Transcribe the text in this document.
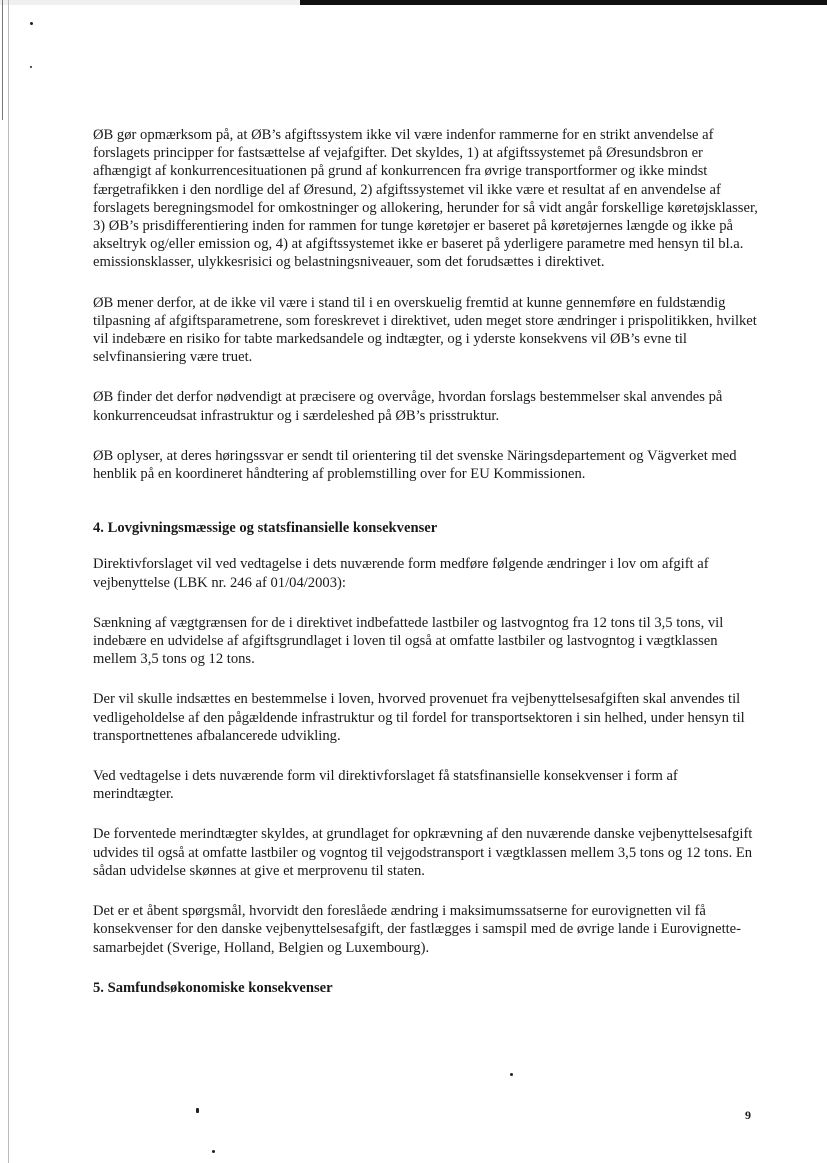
ØB gør opmærksom på, at ØB’s afgiftssystem ikke vil være indenfor rammerne for en strikt anvendelse af forslagets principper for fastsættelse af vejafgifter. Det skyldes, 1) at afgiftssystemet på Øresundsbron er afhængigt af konkurrencesituationen på grund af konkurrencen fra øvrige transportformer og ikke mindst færgetrafikken i den nordlige del af Øresund, 2) afgiftssystemet vil ikke være et resultat af en anvendelse af forslagets beregningsmodel for omkostninger og allokering, herunder for så vidt angår forskellige køretøjsklasser, 3) ØB’s prisdifferentiering inden for rammen for tunge køretøjer er baseret på køretøjernes længde og ikke på akseltryk og/eller emission og, 4) at afgiftssystemet ikke er baseret på yderligere parametre med hensyn til bl.a. emissionsklasser, ulykkesrisici og belastningsniveauer, som det forudsættes i direktivet.

ØB mener derfor, at de ikke vil være i stand til i en overskuelig fremtid at kunne gennemføre en fuldstændig tilpasning af afgiftsparametrene, som foreskrevet i direktivet, uden meget store ændringer i prispolitikken, hvilket vil indebære en risiko for tabte markedsandele og indtægter, og i yderste konsekvens vil ØB’s evne til selvfinansiering være truet.

ØB finder det derfor nødvendigt at præcisere og overvåge, hvordan forslags bestemmelser skal anvendes på konkurrenceudsat infrastruktur og i særdeleshed på ØB’s prisstruktur.

ØB oplyser, at deres høringssvar er sendt til orientering til det svenske Näringsdepartement og Vägverket med henblik på en koordineret håndtering af problemstilling over for EU Kommissionen.

4. Lovgivningsmæssige og statsfinansielle konsekvenser

Direktivforslaget vil ved vedtagelse i dets nuværende form medføre følgende ændringer i lov om afgift af vejbenyttelse (LBK nr. 246 af 01/04/2003):

Sænkning af vægtgrænsen for de i direktivet indbefattede lastbiler og lastvogntog fra 12 tons til 3,5 tons, vil indebære en udvidelse af afgiftsgrundlaget i loven til også at omfatte lastbiler og lastvogntog i vægtklassen mellem 3,5 tons og 12 tons.

Der vil skulle indsættes en bestemmelse i loven, hvorved provenuet fra vejbenyttelsesafgiften skal anvendes til vedligeholdelse af den pågældende infrastruktur og til fordel for transportsektoren i sin helhed, under hensyn til transportnettenes afbalancerede udvikling.

Ved vedtagelse i dets nuværende form vil direktivforslaget få statsfinansielle konsekvenser i form af merindtægter.

De forventede merindtægter skyldes, at grundlaget for opkrævning af den nuværende danske vejbenyttelsesafgift udvides til også at omfatte lastbiler og vogntog til vejgodstransport i vægtklassen mellem 3,5 tons og 12 tons. En sådan udvidelse skønnes at give et merprovenu til staten.

Det er et åbent spørgsmål, hvorvidt den foreslåede ændring i maksimumssatserne for eurovignetten vil få konsekvenser for den danske vejbenyttelsesafgift, der fastlægges i samspil med de øvrige lande i Eurovignette-samarbejdet (Sverige, Holland, Belgien og Luxembourg).

5. Samfundsøkonomiske konsekvenser
9
